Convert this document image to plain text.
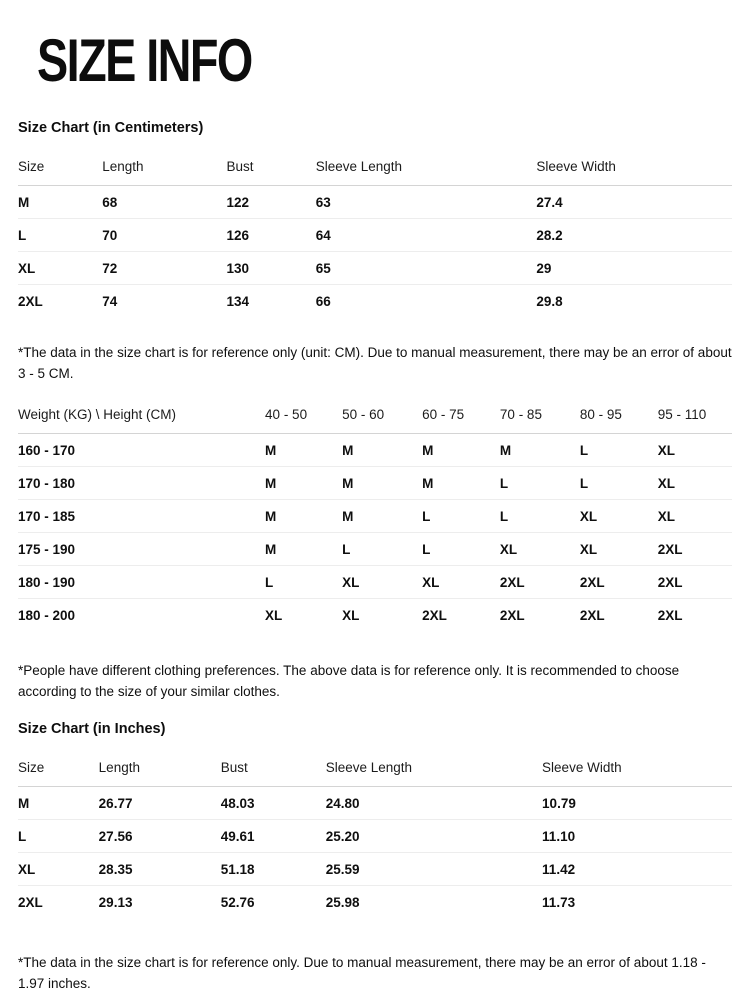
SIZE INFO
Size Chart (in Centimeters)
Size	Length	Bust	Sleeve Length	Sleeve Width
M	68	122	63	27.4
L	70	126	64	28.2
XL	72	130	65	29
2XL	74	134	66	29.8

*The data in the size chart is for reference only (unit: CM). Due to manual measurement, there may be an error of about 3 - 5 CM.

Weight (KG) \ Height (CM)	40 - 50	50 - 60	60 - 75	70 - 85	80 - 95	95 - 110
160 - 170	M	M	M	M	L	XL
170 - 180	M	M	M	L	L	XL
170 - 185	M	M	L	L	XL	XL
175 - 190	M	L	L	XL	XL	2XL
180 - 190	L	XL	XL	2XL	2XL	2XL
180 - 200	XL	XL	2XL	2XL	2XL	2XL

*People have different clothing preferences. The above data is for reference only. It is recommended to choose according to the size of your similar clothes.

Size Chart (in Inches)
Size	Length	Bust	Sleeve Length	Sleeve Width
M	26.77	48.03	24.80	10.79
L	27.56	49.61	25.20	11.10
XL	28.35	51.18	25.59	11.42
2XL	29.13	52.76	25.98	11.73

*The data in the size chart is for reference only. Due to manual measurement, there may be an error of about 1.18 - 1.97 inches.
